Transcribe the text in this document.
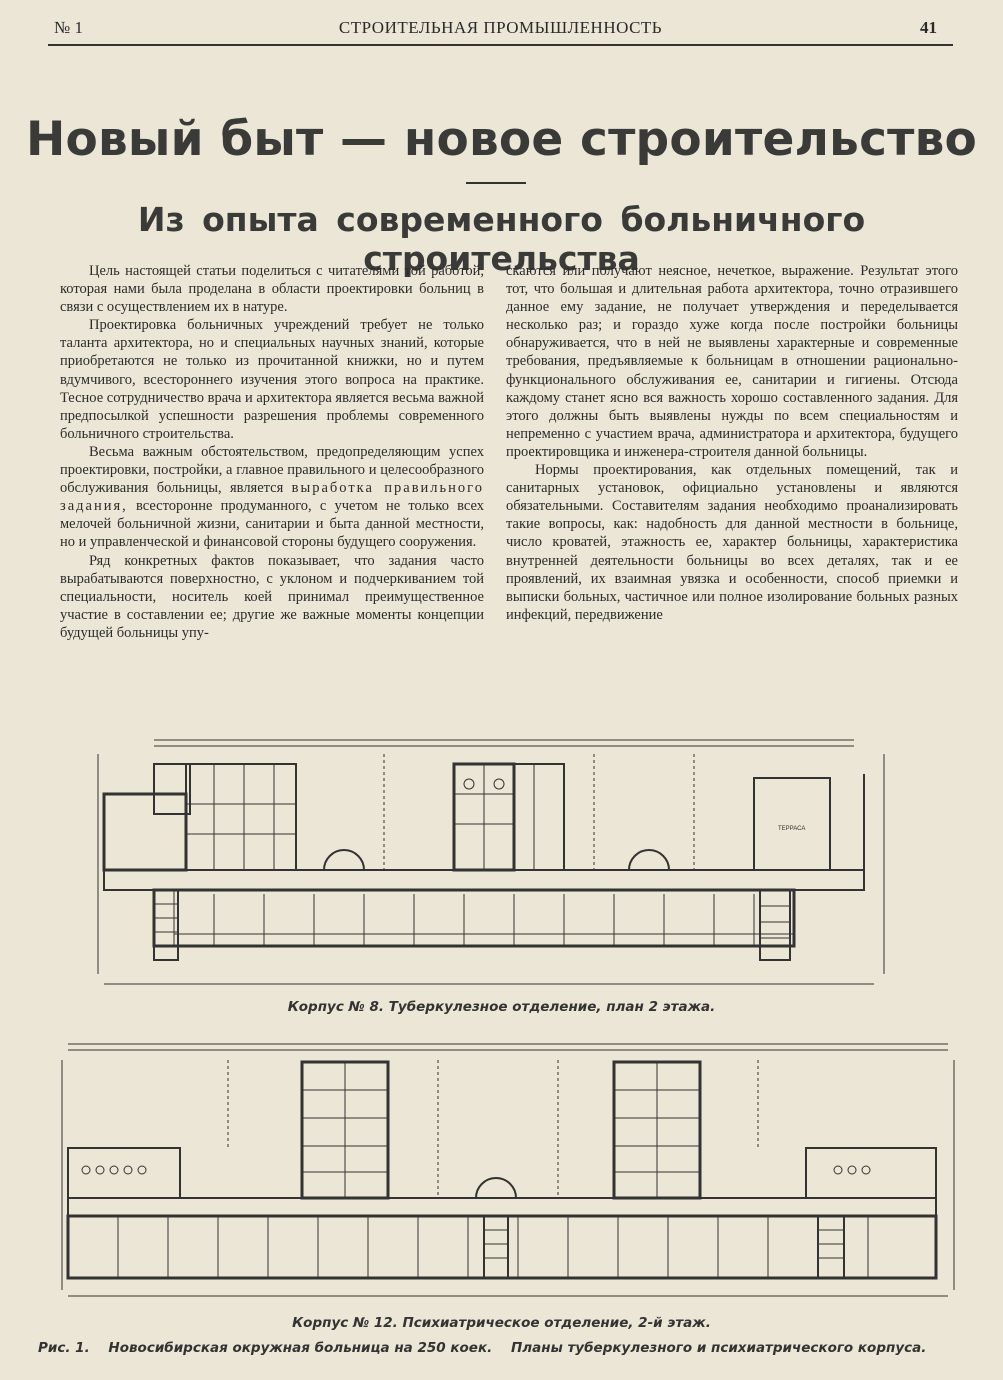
№ 1	СТРОИТЕЛЬНАЯ ПРОМЫШЛЕННОСТЬ	41
Новый быт — новое строительство
Из опыта современного больничного строительства

Цель настоящей статьи поделиться с читателями той работой, которая нами была проделана в области проектировки больниц в связи с осуществлением их в натуре.

Проектировка больничных учреждений требует не только таланта архитектора, но и специальных научных знаний, которые приобретаются не только из прочитанной книжки, но и путем вдумчивого, всестороннего изучения этого вопроса на практике. Тесное сотрудничество врача и архитектора является весьма важной предпосылкой успешности разрешения проблемы современного больничного строительства.

Весьма важным обстоятельством, предопределяющим успех проектировки, постройки, а главное правильного и целесообразного обслуживания больницы, является выработка правильного задания, всесторонне продуманного, с учетом не только всех мелочей больничной жизни, санитарии и быта данной местности, но и управленческой и финансовой стороны будущего сооружения.

Ряд конкретных фактов показывает, что задания часто вырабатываются поверхностно, с уклоном и подчеркиванием той специальности, носитель коей принимал преимущественное участие в составлении ее; другие же важные моменты концепции будущей больницы упу-

скаются или получают неясное, нечеткое, выражение. Результат этого тот, что большая и длительная работа архитектора, точно отразившего данное ему задание, не получает утверждения и переделывается несколько раз; и гораздо хуже когда после постройки больницы обнаруживается, что в ней не выявлены характерные и современные требования, предъявляемые к больницам в отношении рационально-функционального обслуживания ее, санитарии и гигиены. Отсюда каждому станет ясно вся важность хорошо составленного задания. Для этого должны быть выявлены нужды по всем специальностям и непременно с участием врача, администратора и архитектора, будущего проектировщика и инженера-строителя данной больницы.

Нормы проектирования, как отдельных помещений, так и санитарных установок, официально установлены и являются обязательными. Составителям задания необходимо проанализировать такие вопросы, как: надобность для данной местности в больнице, число кроватей, этажность ее, характер больницы, характеристика внутренней деятельности больницы во всех деталях, так и ее проявлений, их взаимная увязка и особенности, способ приемки и выписки больных, частичное или полное изолирование больных разных инфекций, передвижение

ТЕРРАСА
Корпус № 8. Туберкулезное отделение, план 2 этажа.
Корпус № 12. Психиатрическое отделение, 2-й этаж.
Рис. 1. Новосибирская окружная больница на 250 коек. Планы туберкулезного и психиатрического корпуса.
